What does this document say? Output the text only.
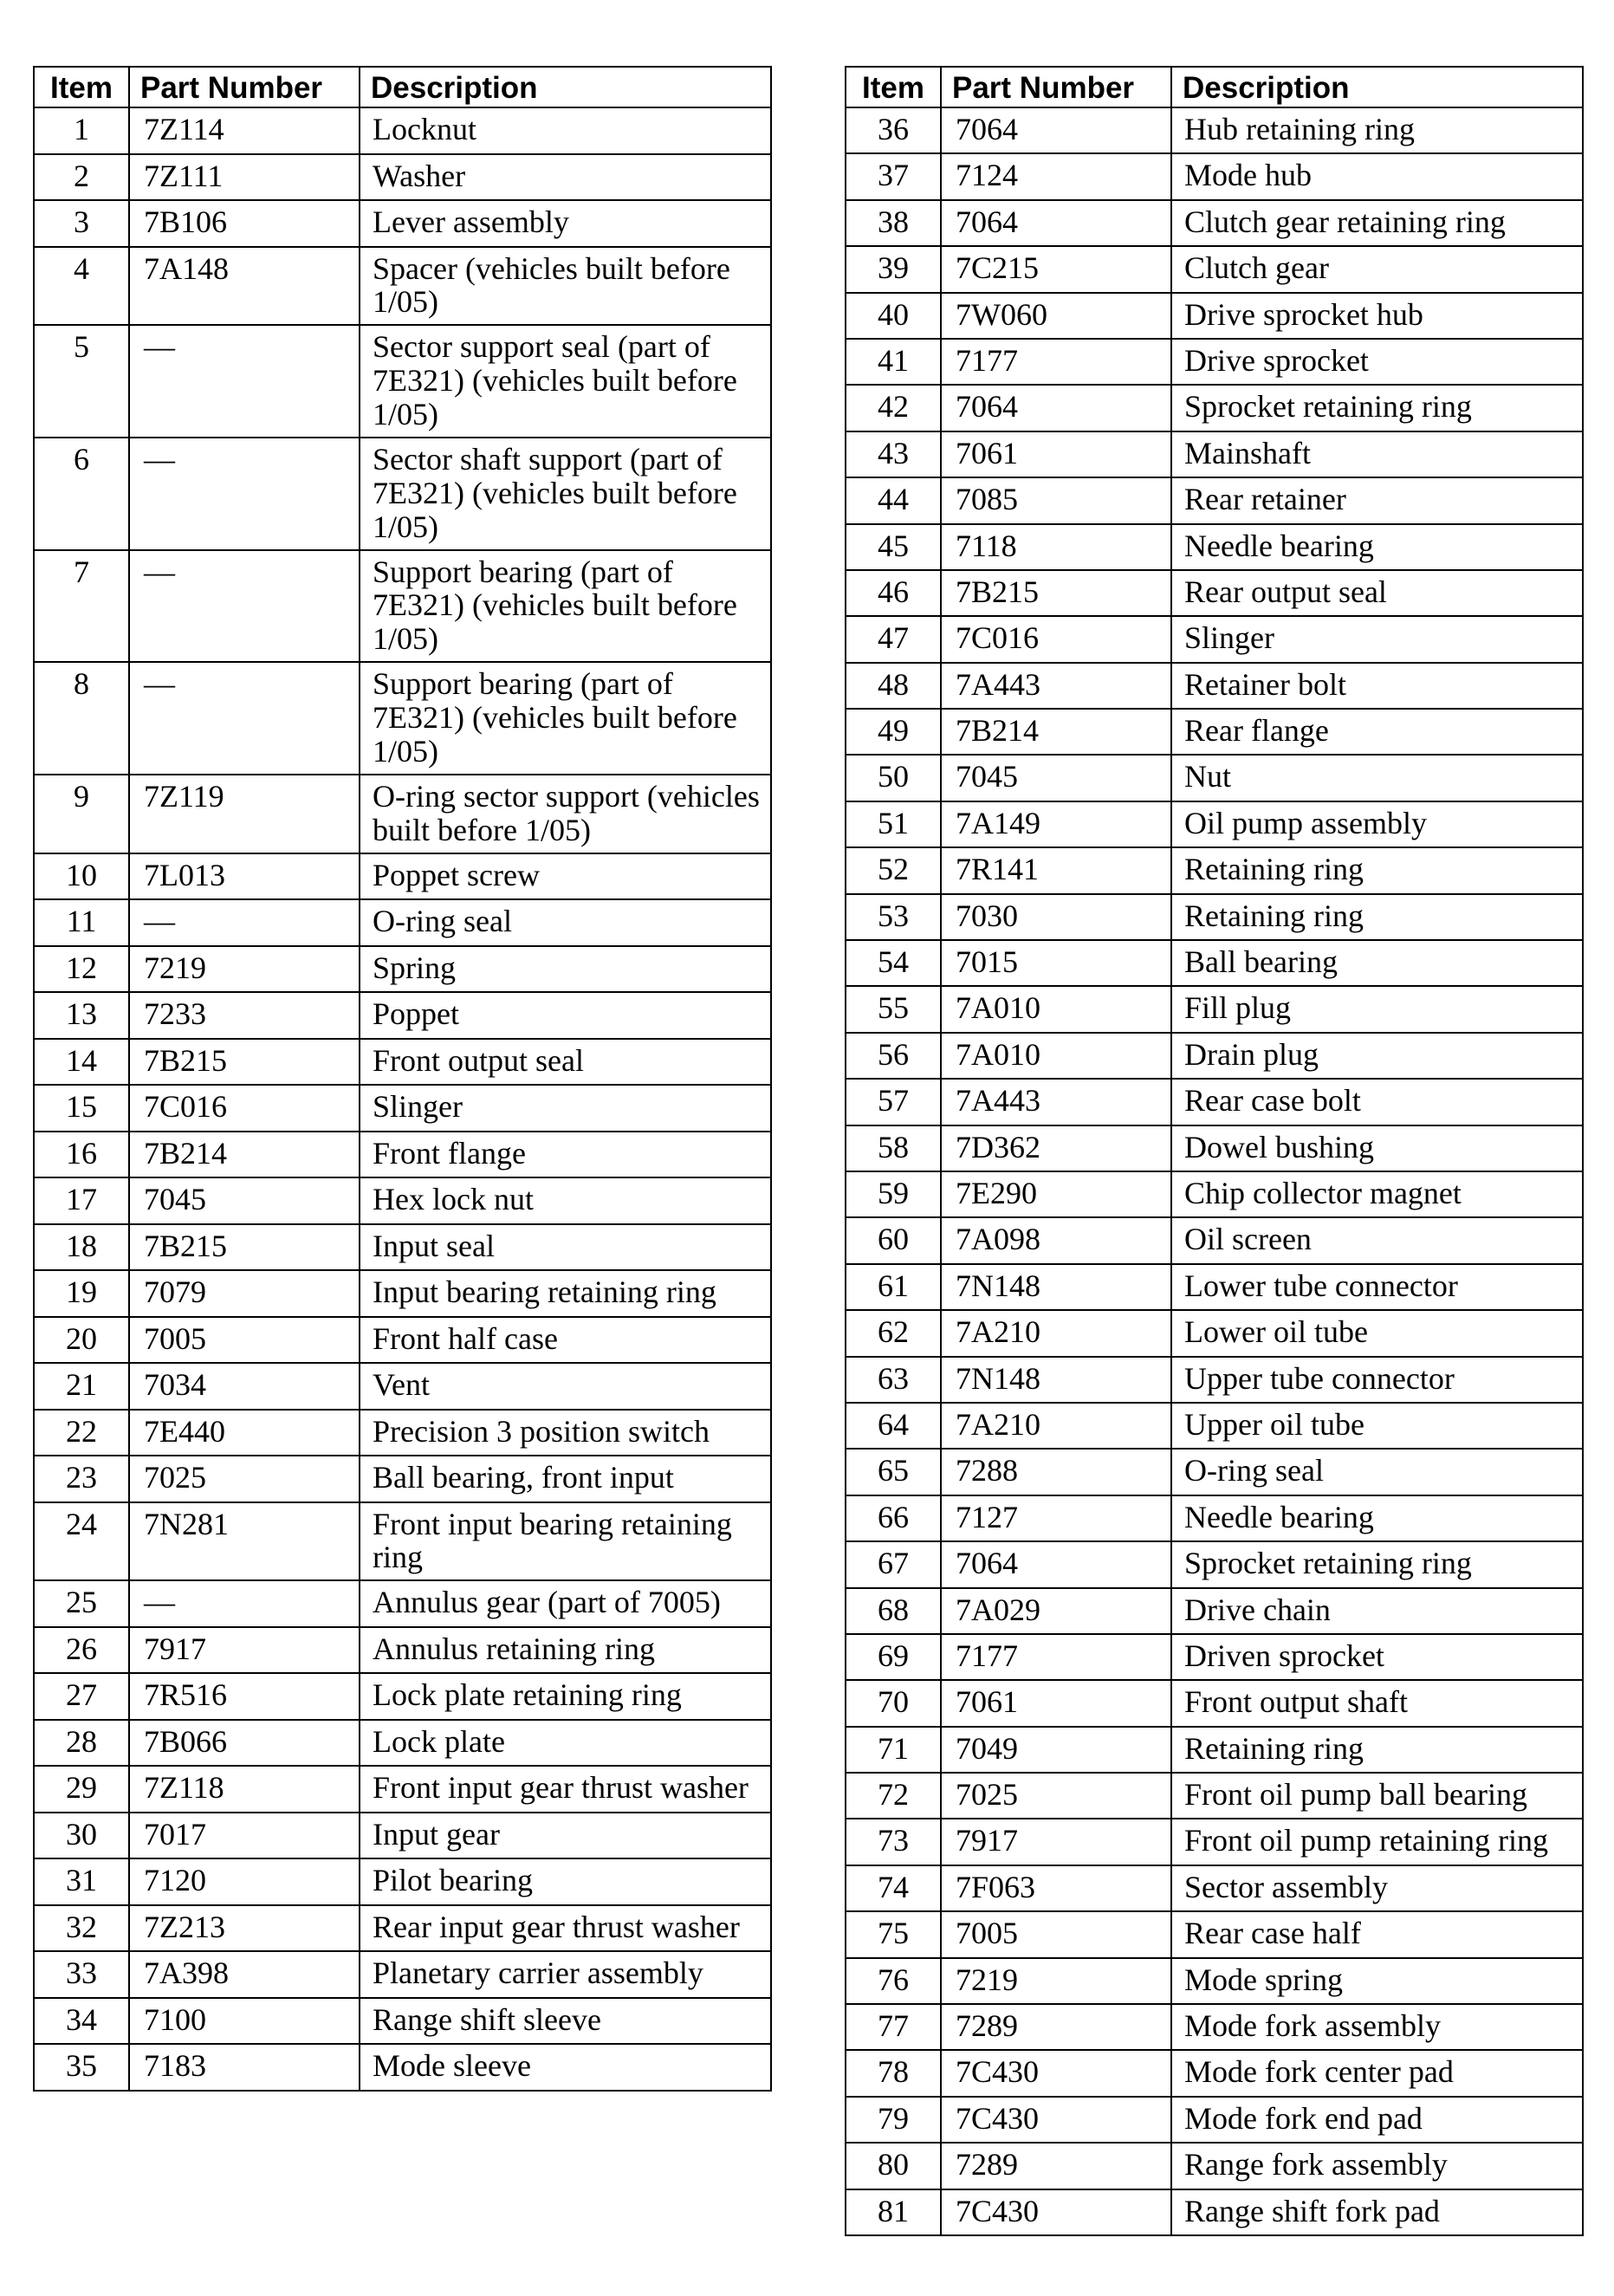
Item	Part Number	Description
1	7Z114	Locknut
2	7Z111	Washer
3	7B106	Lever assembly
4	7A148	Spacer (vehicles built before 1/05)
5	—	Sector support seal (part of 7E321) (vehicles built before 1/05)
6	—	Sector shaft support (part of 7E321) (vehicles built before 1/05)
7	—	Support bearing (part of 7E321) (vehicles built before 1/05)
8	—	Support bearing (part of 7E321) (vehicles built before 1/05)
9	7Z119	O-ring sector support (vehicles built before 1/05)
10	7L013	Poppet screw
11	—	O-ring seal
12	7219	Spring
13	7233	Poppet
14	7B215	Front output seal
15	7C016	Slinger
16	7B214	Front flange
17	7045	Hex lock nut
18	7B215	Input seal
19	7079	Input bearing retaining ring
20	7005	Front half case
21	7034	Vent
22	7E440	Precision 3 position switch
23	7025	Ball bearing, front input
24	7N281	Front input bearing retaining ring
25	—	Annulus gear (part of 7005)
26	7917	Annulus retaining ring
27	7R516	Lock plate retaining ring
28	7B066	Lock plate
29	7Z118	Front input gear thrust washer
30	7017	Input gear
31	7120	Pilot bearing
32	7Z213	Rear input gear thrust washer
33	7A398	Planetary carrier assembly
34	7100	Range shift sleeve
35	7183	Mode sleeve
Item	Part Number	Description
36	7064	Hub retaining ring
37	7124	Mode hub
38	7064	Clutch gear retaining ring
39	7C215	Clutch gear
40	7W060	Drive sprocket hub
41	7177	Drive sprocket
42	7064	Sprocket retaining ring
43	7061	Mainshaft
44	7085	Rear retainer
45	7118	Needle bearing
46	7B215	Rear output seal
47	7C016	Slinger
48	7A443	Retainer bolt
49	7B214	Rear flange
50	7045	Nut
51	7A149	Oil pump assembly
52	7R141	Retaining ring
53	7030	Retaining ring
54	7015	Ball bearing
55	7A010	Fill plug
56	7A010	Drain plug
57	7A443	Rear case bolt
58	7D362	Dowel bushing
59	7E290	Chip collector magnet
60	7A098	Oil screen
61	7N148	Lower tube connector
62	7A210	Lower oil tube
63	7N148	Upper tube connector
64	7A210	Upper oil tube
65	7288	O-ring seal
66	7127	Needle bearing
67	7064	Sprocket retaining ring
68	7A029	Drive chain
69	7177	Driven sprocket
70	7061	Front output shaft
71	7049	Retaining ring
72	7025	Front oil pump ball bearing
73	7917	Front oil pump retaining ring
74	7F063	Sector assembly
75	7005	Rear case half
76	7219	Mode spring
77	7289	Mode fork assembly
78	7C430	Mode fork center pad
79	7C430	Mode fork end pad
80	7289	Range fork assembly
81	7C430	Range shift fork pad
